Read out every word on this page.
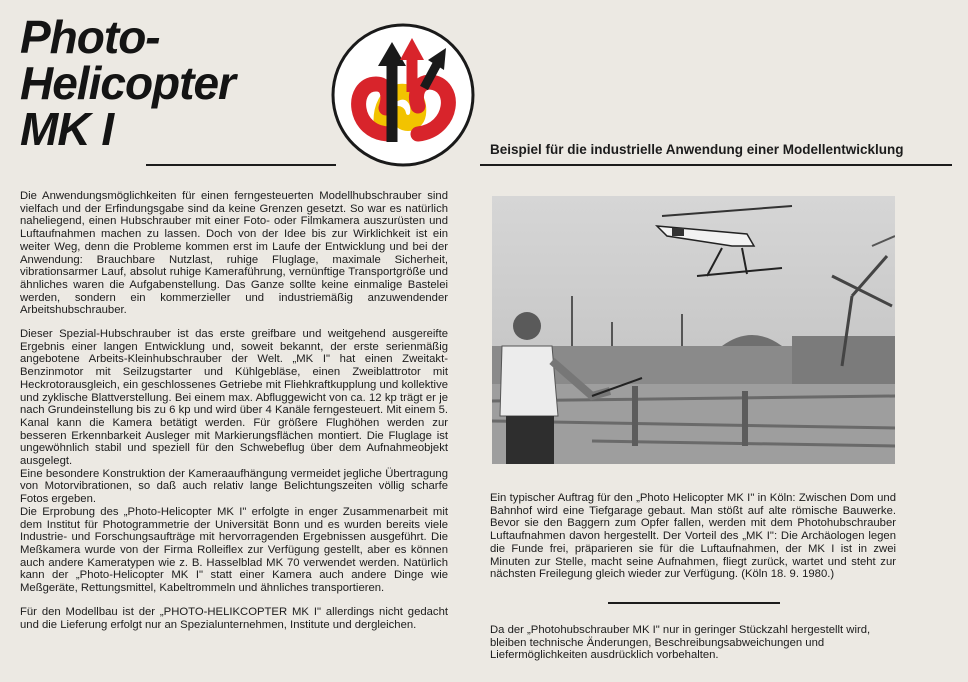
Photo-
Helicopter
MK I	Beispiel für die industrielle Anwendung einer Modellentwicklung

Die Anwendungsmöglichkeiten für einen ferngesteuerten Modellhubschrauber sind vielfach und der Erfindungsgabe sind da keine Grenzen gesetzt. So war es natürlich naheliegend, einen Hubschrauber mit einer Foto- oder Filmkamera auszurüsten und Luftaufnahmen machen zu lassen. Doch von der Idee bis zur Wirklichkeit ist ein weiter Weg, denn die Probleme kommen erst im Laufe der Entwicklung und bei der Anwendung: Brauchbare Nutzlast, ruhige Fluglage, maximale Sicherheit, vibrationsarmer Lauf, absolut ruhige Kameraführung, vernünftige Transportgröße und ähnliches waren die Aufgabenstellung. Das Ganze sollte keine einmalige Bastelei werden, sondern ein kommerzieller und industriemäßig anzuwendender Arbeitshubschrauber.

Dieser Spezial-Hubschrauber ist das erste greifbare und weitgehend ausgereifte Ergebnis einer langen Entwicklung und, soweit bekannt, der erste serienmäßig angebotene Arbeits-Kleinhubschrauber der Welt. „MK I" hat einen Zweitakt-Benzinmotor mit Seilzugstarter und Kühlgebläse, einen Zweiblattrotor mit Heckrotorausgleich, ein geschlossenes Getriebe mit Fliehkraftkupplung und kollektive und zyklische Blattverstellung. Bei einem max. Abfluggewicht von ca. 12 kp trägt er je nach Grundeinstellung bis zu 6 kp und wird über 4 Kanäle ferngesteuert. Mit einem 5. Kanal kann die Kamera betätigt werden. Für größere Flughöhen werden zur besseren Erkennbarkeit Ausleger mit Markierungsflächen montiert. Die Fluglage ist ungewöhnlich stabil und speziell für den Schwebeflug über dem Aufnahmeobjekt ausgelegt.

Eine besondere Konstruktion der Kameraaufhängung vermeidet jegliche Übertragung von Motorvibrationen, so daß auch relativ lange Belichtungszeiten völlig scharfe Fotos ergeben.

Die Erprobung des „Photo-Helicopter MK I" erfolgte in enger Zusammenarbeit mit dem Institut für Photogrammetrie der Universität Bonn und es wurden bereits viele Industrie- und Forschungsaufträge mit hervorragenden Ergebnissen ausgeführt. Die Meßkamera wurde von der Firma Rolleiflex zur Verfügung gestellt, aber es können auch andere Kameratypen wie z. B. Hasselblad MK 70 verwendet werden. Natürlich kann der „Photo-Helicopter MK I" statt einer Kamera auch andere Dinge wie Meßgeräte, Rettungsmittel, Kabeltrommeln und ähnliches transportieren.

Für den Modellbau ist der „PHOTO-HELIKCOPTER MK I" allerdings nicht gedacht und die Lieferung erfolgt nur an Spezialunternehmen, Institute und dergleichen.

Ein typischer Auftrag für den „Photo Helicopter MK I" in Köln: Zwischen Dom und Bahnhof wird eine Tiefgarage gebaut. Man stößt auf alte römische Bauwerke. Bevor sie den Baggern zum Opfer fallen, werden mit dem Photohubschrauber Luftaufnahmen davon hergestellt. Der Vorteil des „MK I": Die Archäologen legen die Funde frei, präparieren sie für die Luftaufnahmen, der MK I ist in zwei Minuten zur Stelle, macht seine Aufnahmen, fliegt zurück, wartet und steht zur nächsten Freilegung gleich wieder zur Verfügung. (Köln 18. 9. 1980.)
Da der „Photohubschrauber MK I" nur in geringer Stückzahl hergestellt wird, bleiben technische Änderungen, Beschreibungsabweichungen und Liefermöglichkeiten ausdrücklich vorbehalten.
